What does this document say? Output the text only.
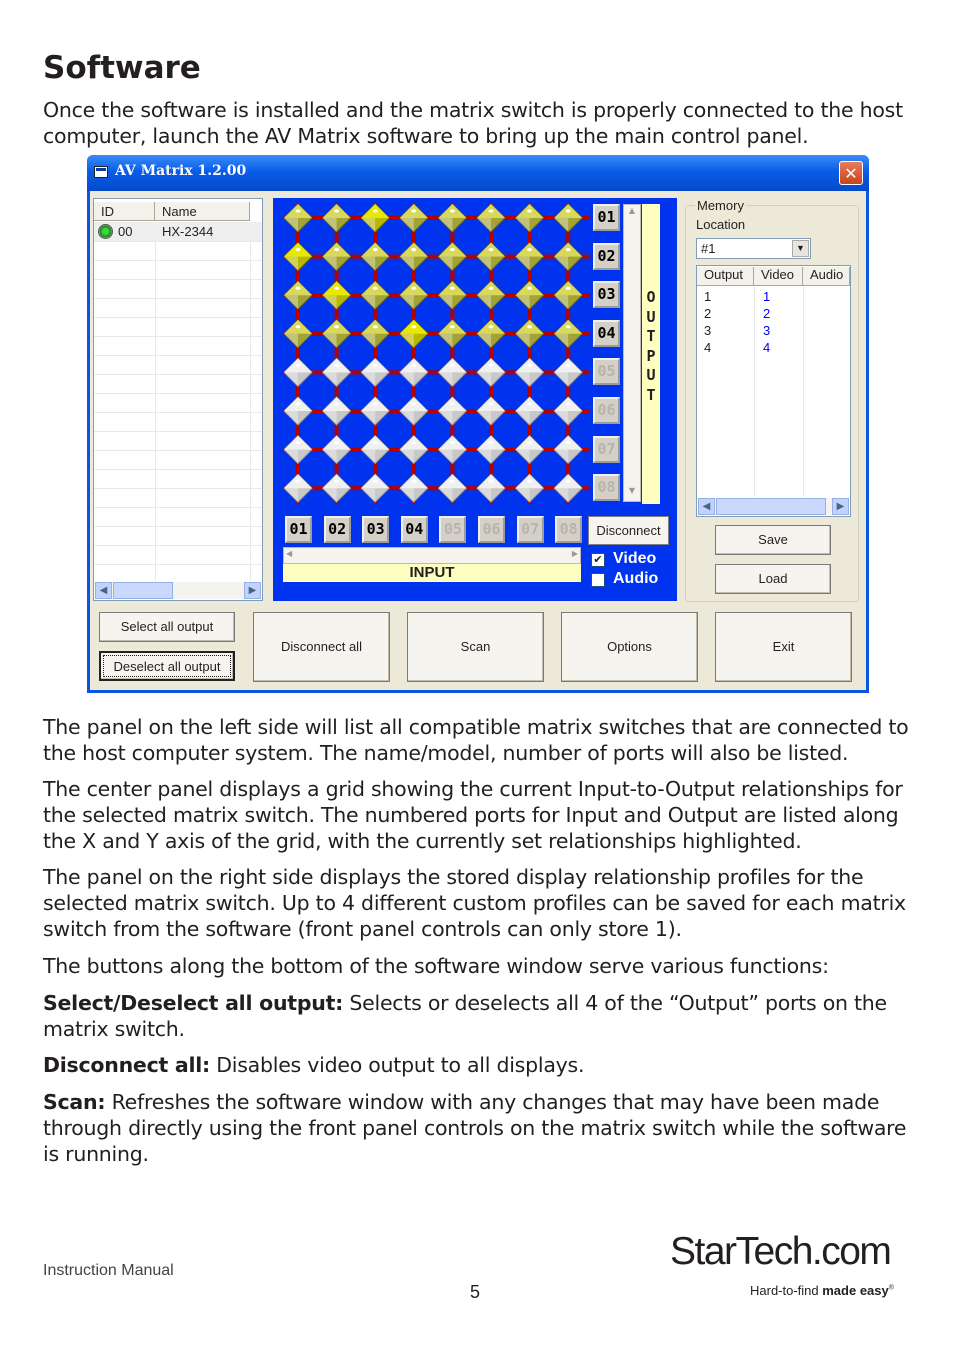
Software
Once the software is installed and the matrix switch is properly connected to the host computer, launch the AV Matrix software to bring up the main control panel.
AV Matrix 1.2.00	✕
ID	Name
00 HX-2344
◀	▶
01
02
03
04
05
06
07
08
▲
▼
O
U
T
P
U
T
01 02 03 04 05 06 07 08
◀	▶
INPUT
Disconnect
✔ Video
Audio
Memory
Location
#1	▼
Output	Video	Audio
1	1
2	2
3	3
4	4
◀	▶
Save
Load
Select all output
Deselect all output
Disconnect all	Scan	Options	Exit
The panel on the left side will list all compatible matrix switches that are connected to the host computer system. The name/model, number of ports will also be listed.
The center panel displays a grid showing the current Input-to-Output relationships for the selected matrix switch. The numbered ports for Input and Output are listed along the X and Y axis of the grid, with the currently set relationships highlighted.
The panel on the right side displays the stored display relationship profiles for the selected matrix switch. Up to 4 different custom profiles can be saved for each matrix switch from the software (front panel controls can only store 1).
The buttons along the bottom of the software window serve various functions:
Select/Deselect all output: Selects or deselects all 4 of the “Output” ports on the matrix switch.
Disconnect all: Disables video output to all displays.
Scan: Refreshes the software window with any changes that may have been made through directly using the front panel controls on the matrix switch while the software is running.
Instruction Manual
5
StarTech.com
Hard-to-find made easy®
